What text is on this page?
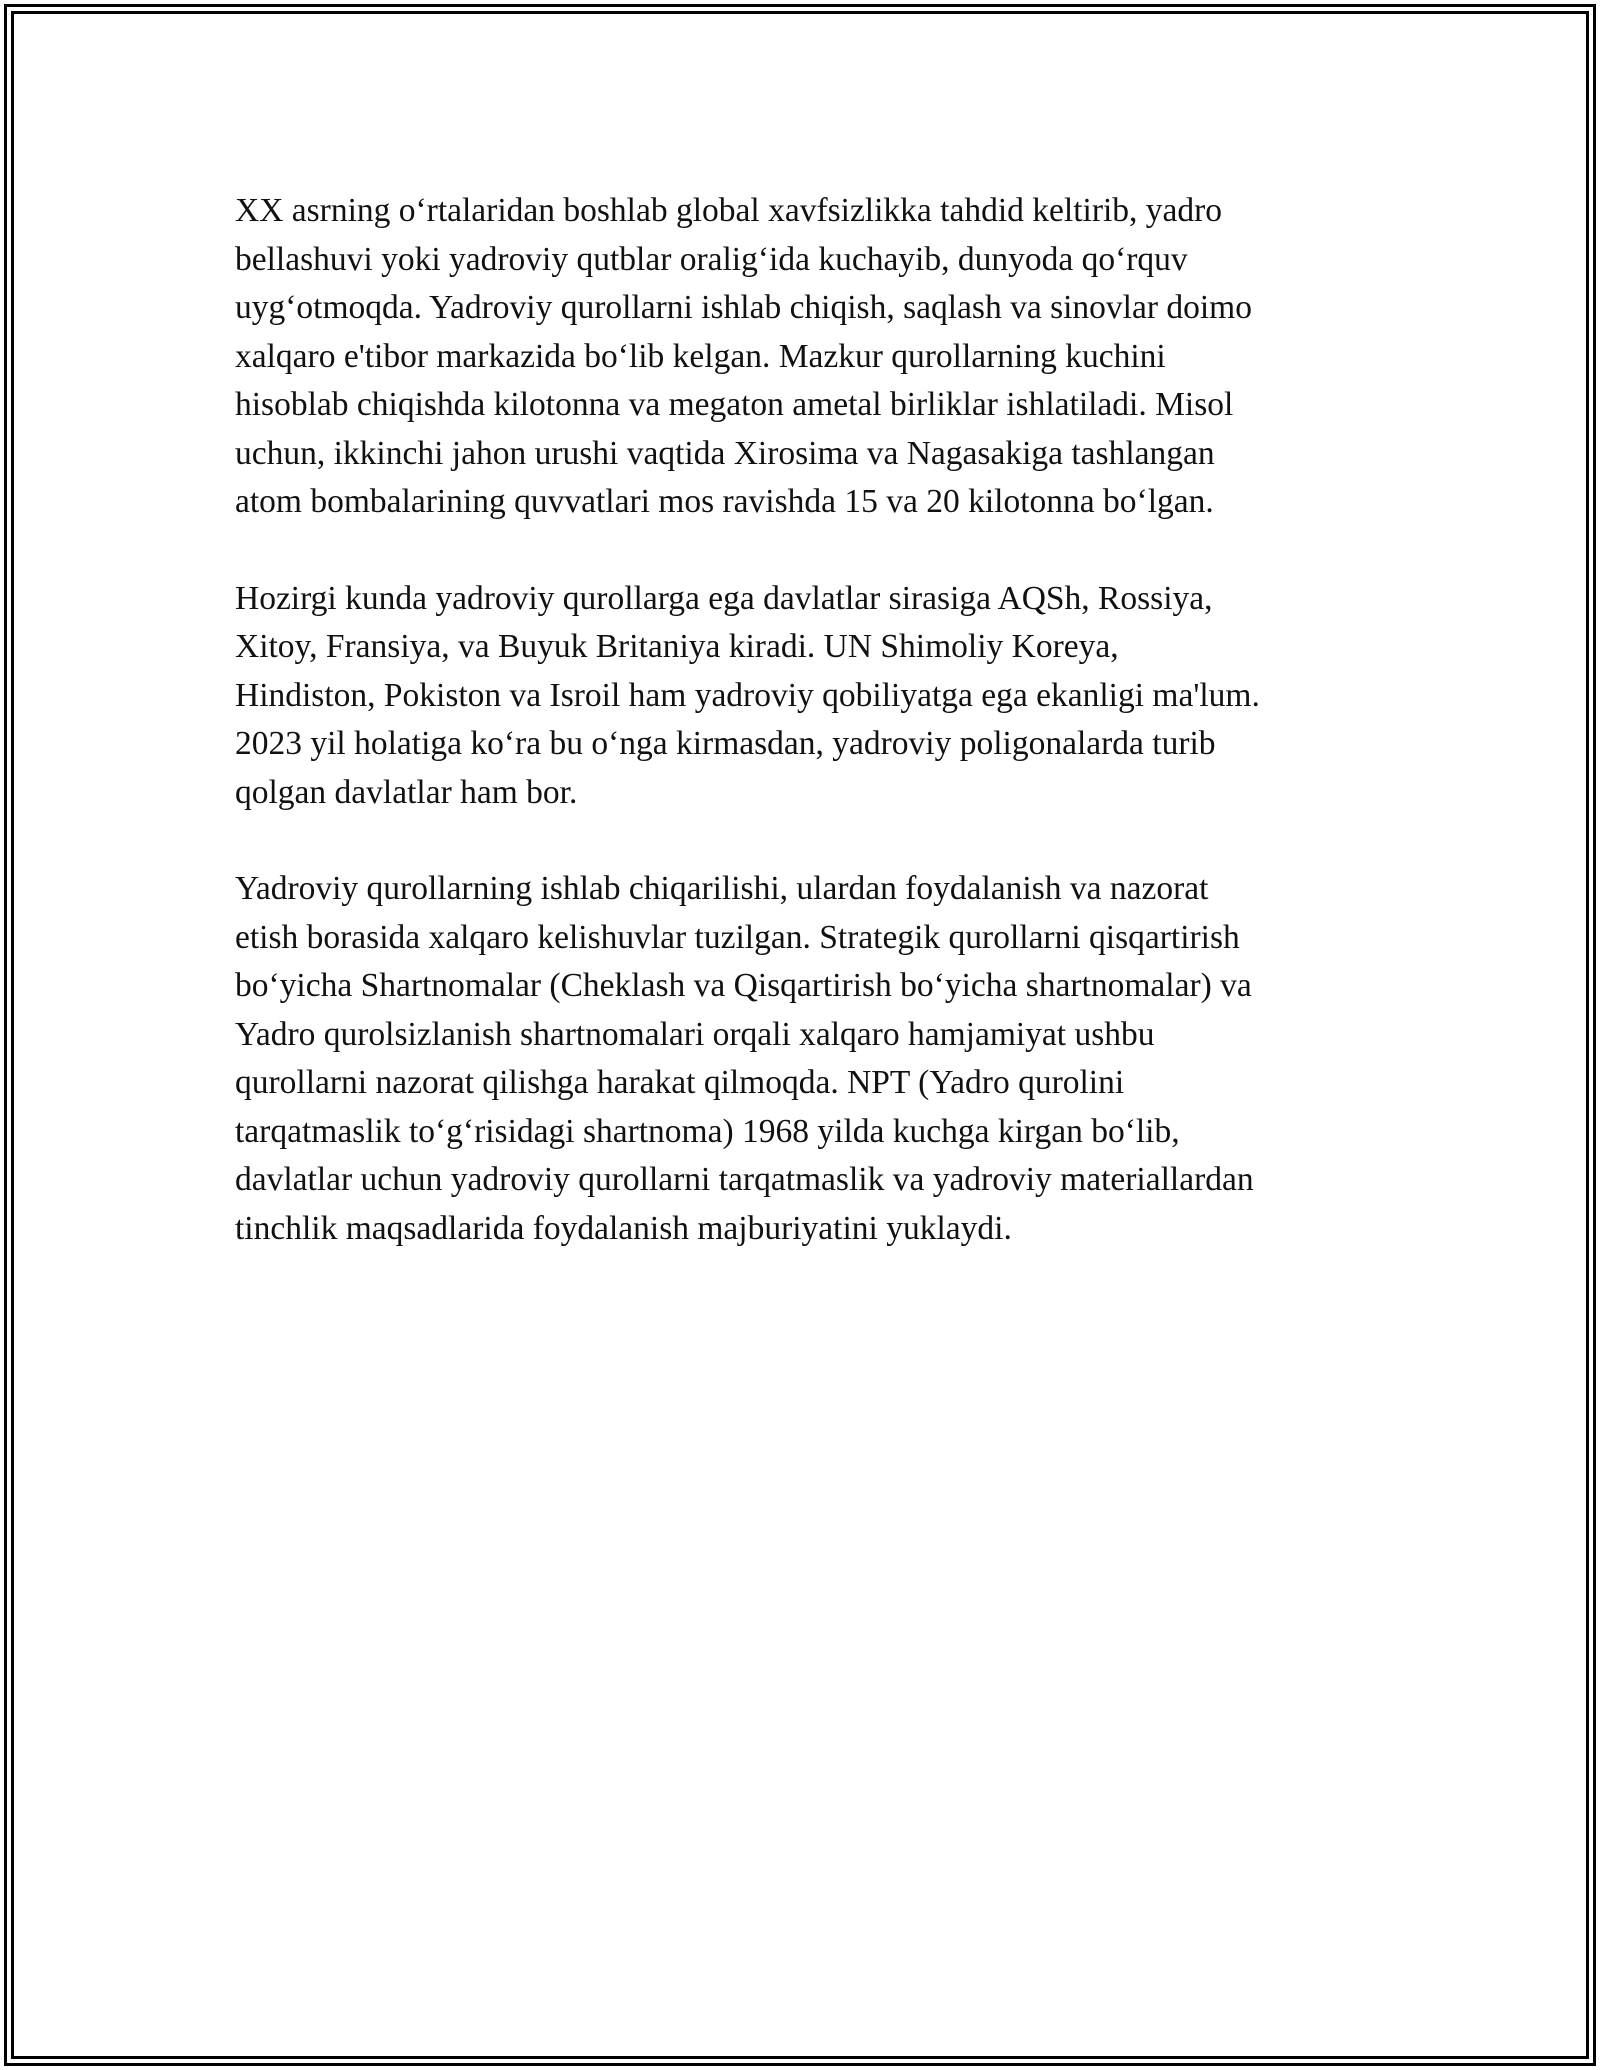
XX asrning o‘rtalaridan boshlab global xavfsizlikka tahdid keltirib, yadro
bellashuvi yoki yadroviy qutblar oralig‘ida kuchayib, dunyoda qo‘rquv
uyg‘otmoqda. Yadroviy qurollarni ishlab chiqish, saqlash va sinovlar doimo
xalqaro e'tibor markazida bo‘lib kelgan. Mazkur qurollarning kuchini
hisoblab chiqishda kilotonna va megaton ametal birliklar ishlatiladi. Misol
uchun, ikkinchi jahon urushi vaqtida Xirosima va Nagasakiga tashlangan
atom bombalarining quvvatlari mos ravishda 15 va 20 kilotonna bo‘lgan.

Hozirgi kunda yadroviy qurollarga ega davlatlar sirasiga AQSh, Rossiya,
Xitoy, Fransiya, va Buyuk Britaniya kiradi. UN Shimoliy Koreya,
Hindiston, Pokiston va Isroil ham yadroviy qobiliyatga ega ekanligi ma'lum.
2023 yil holatiga ko‘ra bu o‘nga kirmasdan, yadroviy poligonalarda turib
qolgan davlatlar ham bor.

Yadroviy qurollarning ishlab chiqarilishi, ulardan foydalanish va nazorat
etish borasida xalqaro kelishuvlar tuzilgan. Strategik qurollarni qisqartirish
bo‘yicha Shartnomalar (Cheklash va Qisqartirish bo‘yicha shartnomalar) va
Yadro qurolsizlanish shartnomalari orqali xalqaro hamjamiyat ushbu
qurollarni nazorat qilishga harakat qilmoqda. NPT (Yadro qurolini
tarqatmaslik to‘g‘risidagi shartnoma) 1968 yilda kuchga kirgan bo‘lib,
davlatlar uchun yadroviy qurollarni tarqatmaslik va yadroviy materiallardan
tinchlik maqsadlarida foydalanish majburiyatini yuklaydi.
